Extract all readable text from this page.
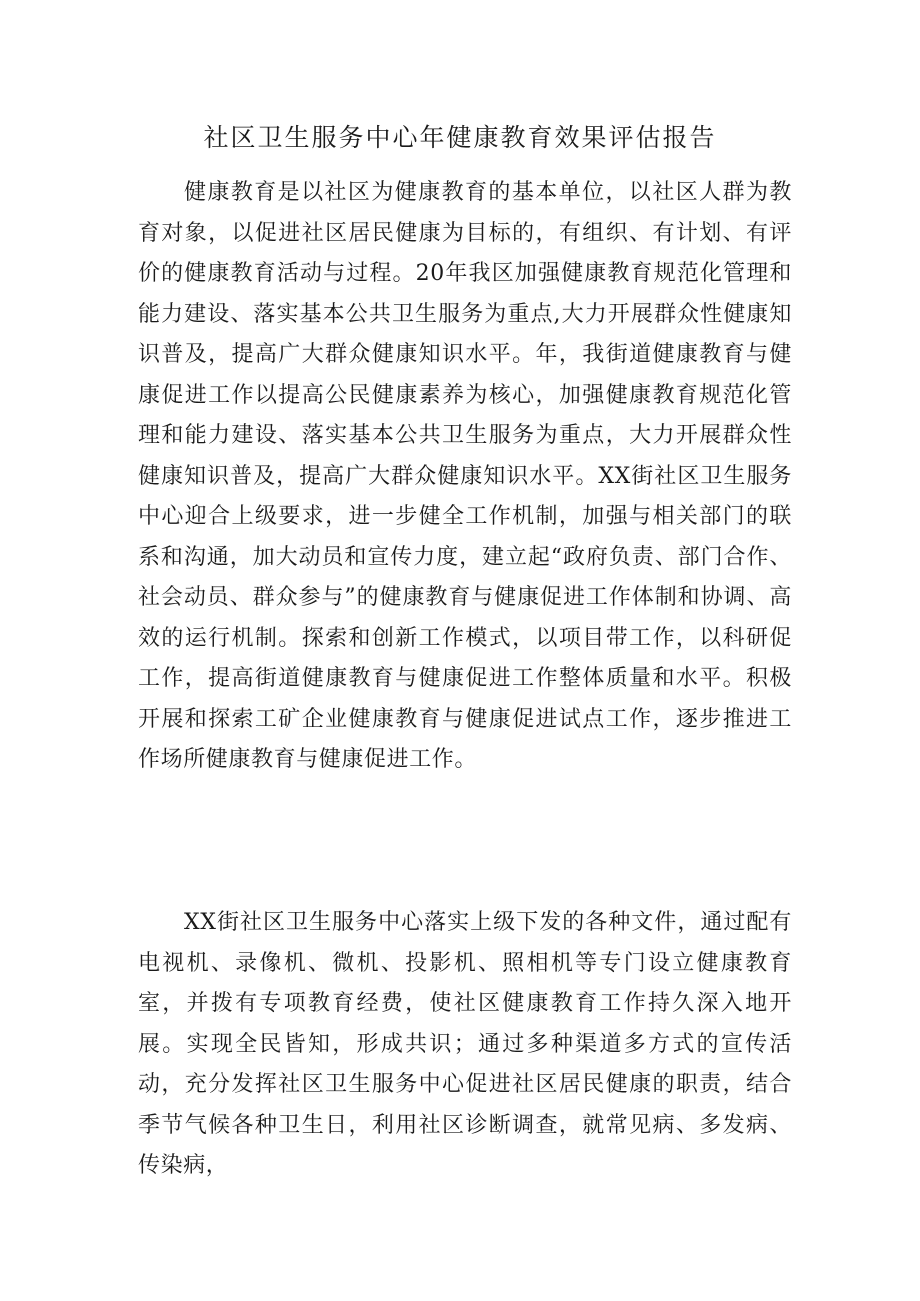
社区卫生服务中心年健康教育效果评估报告

健康教育是以社区为健康教育的基本单位，以社区人群为教育对象，以促进社区居民健康为目标的，有组织、有计划、有评价的健康教育活动与过程。20年我区加强健康教育规范化管理和能力建设、落实基本公共卫生服务为重点,大力开展群众性健康知识普及，提高广大群众健康知识水平。年，我街道健康教育与健康促进工作以提高公民健康素养为核心，加强健康教育规范化管理和能力建设、落实基本公共卫生服务为重点，大力开展群众性健康知识普及，提高广大群众健康知识水平。XX街社区卫生服务中心迎合上级要求，进一步健全工作机制，加强与相关部门的联系和沟通，加大动员和宣传力度，建立起“政府负责、部门合作、社会动员、群众参与”的健康教育与健康促进工作体制和协调、高效的运行机制。探索和创新工作模式，以项目带工作，以科研促工作，提高街道健康教育与健康促进工作整体质量和水平。积极开展和探索工矿企业健康教育与健康促进试点工作，逐步推进工作场所健康教育与健康促进工作。

XX街社区卫生服务中心落实上级下发的各种文件，通过配有电视机、录像机、微机、投影机、照相机等专门设立健康教育室，并拨有专项教育经费，使社区健康教育工作持久深入地开展。实现全民皆知，形成共识；通过多种渠道多方式的宣传活动，充分发挥社区卫生服务中心促进社区居民健康的职责，结合季节气候各种卫生日，利用社区诊断调查，就常见病、多发病、传染病，
